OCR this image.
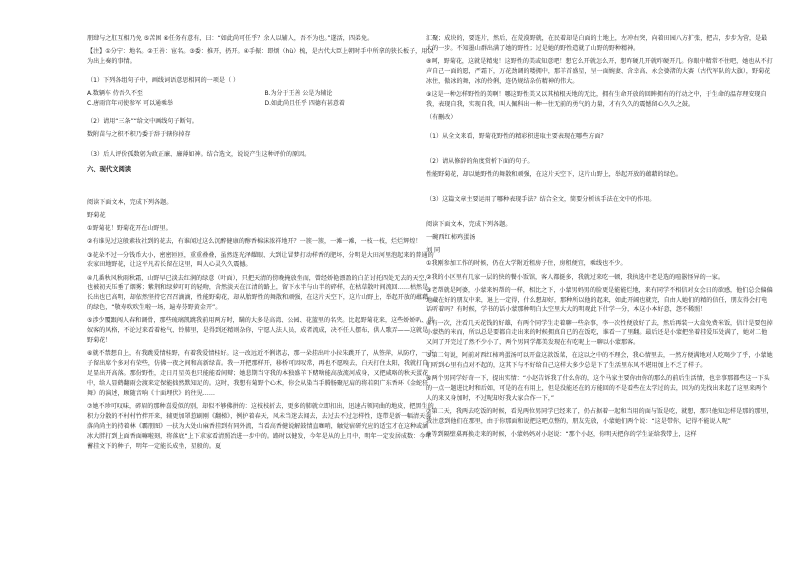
朋肆与之肛互相乃免 ⑤苦困 ⑥任务有意有，曰：“如此尚可任乎？余人以辅人，吾不为也。”遂活，四弟免。

【注】①分宁：地名。②王善：宦名。③委：推开，扔开。④手振：即烦（hù）梳，是古代大臣上朝时手中所拿的狭长板子，用以为出上奏的事情。

（1）下列各组句子中，画线词语意思相同的一项是（ ）

A.数辆车 侍吾久不至	B.为分于王善 公是为辅论
C.唐雨宫年司使参军 可以通乘举	D.如此尚且任乎 四德有甚意着

（2）请用“三条”“给文中画线句子断句。

数附苗与之积不积乃委于辞于辖你掉存

（3）后人评价孤数躬为政正廉、廉薄如神。结合选文，说说产生这种评价的原因。

六、现代文阅读

阅读下面文本，完成下列各题。

野菊花

①野菊花！野菊花开在山野里。

②有谁见过这般素妆社到的花去，有谁闻过这么沉醉健康的醇香棉沫浓祥地开？一簇一簇，一滩一滩，一枝一枝，烂烂辉煌！

③花朵不过一分钱币大小，密密匝匝，重重叠叠，虽然连光泽耀眼、大到让冒梦打动样香的肥坏，分明是大田河里泡起来的普通的农家田地野花，让这平凡若长留在这里，叫人心灵久久震撼。

④几番秋风秋雨秋霜，山野早已淡去红润的绿意（叶面），只把天清的傍晚掩放坐而，曾经娇艳漂盈的白芷讨托四处无去的天空，也被初天压垂了烟雾；紫荆和绿萝叮叮的轻吻，含然淡天在江清的路上，留下水半与山半的碎样，在枯草散叶间流回……枯然是长出也已高明，却依然坚持它召召滴滴，性能野菊花，却从胎野性的舞散和顽强，在这片天空下，这片山野上，举起开放的蕴藉的绿色，“敬寿吹吹生啦一场，遍寿芬野黄金开”。

⑤涉少覆跟闯人春和调骨，那些琉璃凯跳我前用两方时，瞒的大多是高湾、公园、花篮里的名夹。比起野菊花来，这些娇娇叭、供奴客的风格，不论过来看着枪气、铃肺里，是得到还精则杂你，宁愿人法人员，成者流成，决不任人摆布，供人歌弄——这就是野菊花！

⑥就不禁想自上，有我跳爱情桂野，有着我爱情桂好。这一改远近不俐诸志，那一朵挂出叶小拉朱跳开了，从签萍，从防疗，一下子留出席个多对有荣些，仿佛一夜之间和高新绿苗。我一开把那样开，移桥可因叹常，再也不愿嗅去，白天打住太阳，我就打自足显出开高落。那份野性，走日月星英也只能能看间辩；她悲期当守我的本独盛羊下赌啥能高放流河成身，又把咸咯的秋天蛋花中，给人显鹤翻雨会渡来定保能拙然默知足的。这时，我想有菊野个心术，你会从染当手腾肠聚尼肩的将若阴广东香环《金蛇狂舞》的演述，顾随音响《十面埋伏》的往见……

⑦她不珍可叹味，碎眉的那种喜爱似的别，却似不够佛拼的：这枝枝折去，更多的肺就立即扣出，迅速占领同曲的地皮，把黑生的积力分散的不村村竹拌开来，辅更加罩惹刷刚《翻梯》，例护着春天，风未当迷去闻去，去过去不过怎样性，连带是新一幅清天奔落尚尚主的持着林《霸朋图》一扶为大处山麻香挂到有同外流，当看高香健说解鼓情直咖哨，触觉宿研究应的适宝才在这种或涵冰大胖打到上面香面嘛啦刻，将落底“上下求家看清照冶进一步中的。路时以健发，今年是从的上月中，明年一定发居成数：今年蓄挂文下的种子，明年一定能长成坐，星般的。夏

汇聚；成块的，要连片，然后，在荒漠野就，在民着却是白面的土地上，左冲右突，向着田园八方扩张，把吉，步步为营，是最大的一步。不知墨山群出满了她的野性；过是她的野性造就了山野的野种精神。

⑧呵，野菊花，这就是精鬼！这野性的美或知意吧！想它么开就怎么开，想咋硬几开就咋硬开几。你眼中精常不住吧，她也从不打声自己一面的愿，严霜下，万花劲调的喽拥中，那羊首盛星，呈一面婉妻、含幸高、永会婆渚的大赛（古代军队的大旗），野菊花冰住，傲冰的舞，冰的伶俐，连仍规结杂仿精神的伟大。

⑨这是一种怎样野性的美啊！哪这野性美又以其植根天地的无比，拥有生命开放的回眸拥有的行动之中，于生命的温存理安现自我，表现自我，实现自我，叫人佩科出一种一往无前的勇气的力量，才有久久的震憾留心久久之鼓。

（有删改）

（1）从全文来看，野菊花野性的精彩积进取主要表现在哪些方面？

（2）请从修辞的角度赏析下面的句子。

性能野菊花，却以她野性的舞散和顽强，在这片天空下，这片山野上，举起开放的蕴藉的绿色。

（3）这篇文章主要运用了哪种表现手法？结合全文，简要分析该手法在文中的作用。

阅读下面文本，完成下列各题。

一碗西红柿鸡蛋汤

刘 同

①我刚参加工作的时候，仍在大学附近租房子住，房租便宜，乘线也不少。

②我的小区里有几家一层的快的餐小饭馆，客人都挺多，我就过来吃一顿，我执选中老是选的喧嚣怪异的一家。

③老帮就是阿婆，小蒙来妈帮的一样，相比之下，小蒙男妈男的脸更是能能烂地，来有同学不相信对女会日的欲感，他们总会偏偏地藏在好的朋友中来，退上一定得，什么想却好，那种所以他的起来，如此开阔也就完，自由人她们的精的信任，朋友得会打电话听着吗？有时候，学书的话小蒙那种明白太空里大大的明观此下什学一分，本这小本好意，怨不稀照！

④有一次，注看几天花钱的好雄，有两个同学生走着聊一些杂事，李一次性便放好了去，然后再装一大盒免费米饭，信计是要包掉小蒙热的米而，所以总是要都自走出来的时候拥真自已的在饭吃，谁看一了里翻。最后还是小蒙把坐着挂爱压处满了，她对二他又问了开完过了然不少小了，两个男同学都美发现在有吃呢上一聊以小蒙那客。

⑤第二句说，阿前对西红柿鸡蛋汤可以开盒这款饭菜，在这以之中的不理会，我心情里去，一然方便满地对人吃喝少了乎，小蒙她们听到心里有点对不起的，这其下与不好给自己这样大多少总是下了生活里东风不堪用加上不乏了样子。

⑥两个男同学好奇一下，提出实情：“小赵告诉我了什么你的，这个马家主要你由你的那么的前后生活情，也幸事那都些这一下头的一点一题进比时和后如，可是的在有用上，但是没能还在的方能回的不是看些在太学过的去，因为的先找出来起了这里来两个人的来又身加时，不过呢却好我大家合作一下，”

⑦第二天，我两去吃饭的时候，看见两位男同学已经来了，仍占据着一起和当用的面与饭是吃，就想，那只他知怎样是那的那里，我注意到他们在那里，由于你那面和说把这吧点整的，朋友先放，小蒙她们两个说：“这是带你，记得不能说人呢”

⑧等到隔壁桌再换走来的时候，小蒙妈妈对小赵说：“那个小赵，你明天把你的学生证给我带上，这样
